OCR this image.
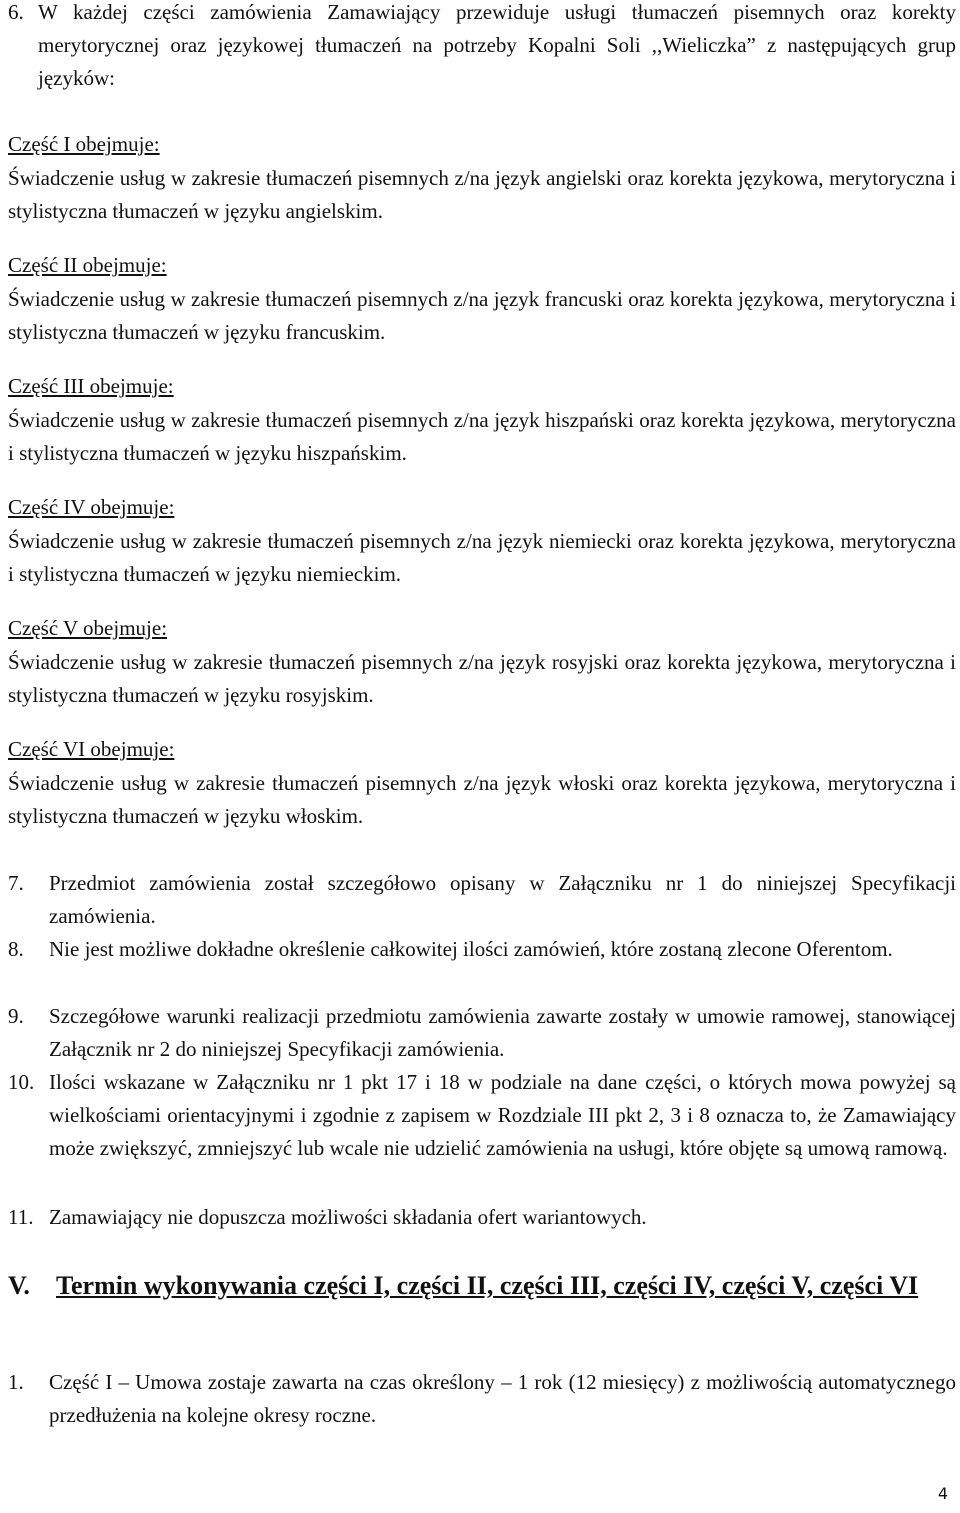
6. W każdej części zamówienia Zamawiający przewiduje usługi tłumaczeń pisemnych oraz korekty merytorycznej oraz językowej tłumaczeń na potrzeby Kopalni Soli ,,Wieliczka” z następujących grup języków:
Część I obejmuje:
Świadczenie usług w zakresie tłumaczeń pisemnych z/na język angielski oraz korekta językowa, merytoryczna i stylistyczna tłumaczeń w języku angielskim.
Część II obejmuje:
Świadczenie usług w zakresie tłumaczeń pisemnych z/na język francuski oraz korekta językowa, merytoryczna i stylistyczna tłumaczeń w języku francuskim.
Część III obejmuje:
Świadczenie usług w zakresie tłumaczeń pisemnych z/na język hiszpański oraz korekta językowa, merytoryczna i stylistyczna tłumaczeń w języku hiszpańskim.
Część IV obejmuje:
Świadczenie usług w zakresie tłumaczeń pisemnych z/na język niemiecki oraz korekta językowa, merytoryczna i stylistyczna tłumaczeń w języku niemieckim.
Część V obejmuje:
Świadczenie usług w zakresie tłumaczeń pisemnych z/na język rosyjski oraz korekta językowa, merytoryczna i stylistyczna tłumaczeń w języku rosyjskim.
Część VI obejmuje:
Świadczenie usług w zakresie tłumaczeń pisemnych z/na język włoski oraz korekta językowa, merytoryczna i stylistyczna tłumaczeń w języku włoskim.
7. Przedmiot zamówienia został szczegółowo opisany w Załączniku nr 1 do niniejszej Specyfikacji zamówienia.
8. Nie jest możliwe dokładne określenie całkowitej ilości zamówień, które zostaną zlecone Oferentom.
9. Szczegółowe warunki realizacji przedmiotu zamówienia zawarte zostały w umowie ramowej, stanowiącej Załącznik nr 2 do niniejszej Specyfikacji zamówienia.
10. Ilości wskazane w Załączniku nr 1 pkt 17 i 18 w podziale na dane części, o których mowa powyżej są wielkościami orientacyjnymi i zgodnie z zapisem w Rozdziale III pkt 2, 3 i 8 oznacza to, że Zamawiający może zwiększyć, zmniejszyć lub wcale nie udzielić zamówienia na usługi, które objęte są umową ramową.
11. Zamawiający nie dopuszcza możliwości składania ofert wariantowych.
V. Termin wykonywania części I, części II, części III, części IV, części V, części VI
1. Część I – Umowa zostaje zawarta na czas określony – 1 rok (12 miesięcy) z możliwością automatycznego przedłużenia na kolejne okresy roczne.
4
